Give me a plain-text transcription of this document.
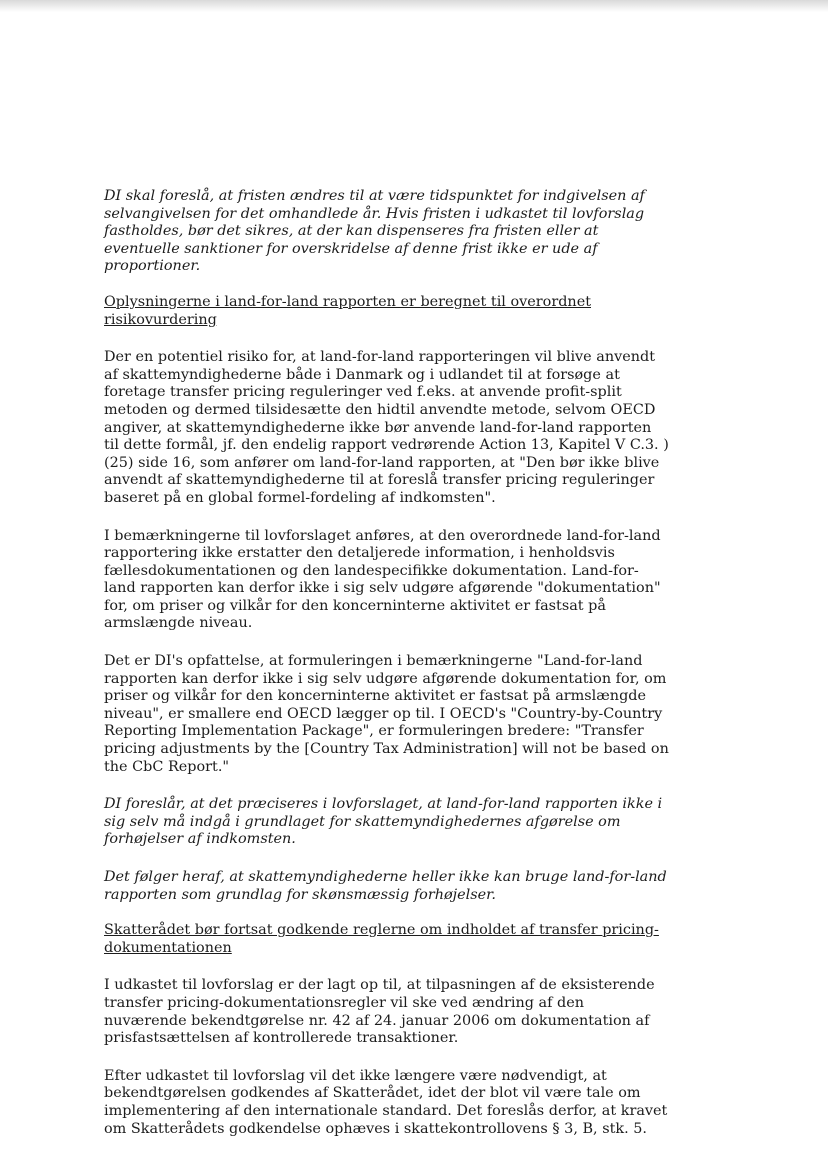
DI skal foreslå, at fristen ændres til at være tidspunktet for indgivelsen af selvangivelsen for det omhandlede år. Hvis fristen i udkastet til lovforslag fastholdes, bør det sikres, at der kan dispenseres fra fristen eller at eventuelle sanktioner for overskridelse af denne frist ikke er ude af proportioner.

Oplysningerne i land-for-land rapporten er beregnet til overordnet risikovurdering

Der en potentiel risiko for, at land-for-land rapporteringen vil blive anvendt af skattemyndighederne både i Danmark og i udlandet til at forsøge at foretage transfer pricing reguleringer ved f.eks. at anvende profit-split metoden og dermed tilsidesætte den hidtil anvendte metode, selvom OECD angiver, at skattemyndighederne ikke bør anvende land-for-land rapporten til dette formål, jf. den endelig rapport vedrørende Action 13, Kapitel V C.3. )(25) side 16, som anfører om land-for-land rapporten, at "Den bør ikke blive anvendt af skattemyndighederne til at foreslå transfer pricing reguleringer baseret på en global formel-fordeling af indkomsten".

I bemærkningerne til lovforslaget anføres, at den overordnede land-for-land rapportering ikke erstatter den detaljerede information, i henholdsvis fællesdokumentationen og den landespecifikke dokumentation. Land-for-land rapporten kan derfor ikke i sig selv udgøre afgørende "dokumentation" for, om priser og vilkår for den koncerninterne aktivitet er fastsat på armslængde niveau.

Det er DI's opfattelse, at formuleringen i bemærkningerne "Land-for-land rapporten kan derfor ikke i sig selv udgøre afgørende dokumentation for, om priser og vilkår for den koncerninterne aktivitet er fastsat på armslængde niveau", er smallere end OECD lægger op til. I OECD's "Country-by-Country Reporting Implementation Package", er formuleringen bredere: "Transfer pricing adjustments by the [Country Tax Administration] will not be based on the CbC Report."

DI foreslår, at det præciseres i lovforslaget, at land-for-land rapporten ikke i sig selv må indgå i grundlaget for skattemyndighedernes afgørelse om forhøjelser af indkomsten.

Det følger heraf, at skattemyndighederne heller ikke kan bruge land-for-land rapporten som grundlag for skønsmæssig forhøjelser.

Skatterådet bør fortsat godkende reglerne om indholdet af transfer pricing-dokumentationen

I udkastet til lovforslag er der lagt op til, at tilpasningen af de eksisterende transfer pricing-dokumentationsregler vil ske ved ændring af den nuværende bekendtgørelse nr. 42 af 24. januar 2006 om dokumentation af prisfastsættelsen af kontrollerede transaktioner.

Efter udkastet til lovforslag vil det ikke længere være nødvendigt, at bekendtgørelsen godkendes af Skatterådet, idet der blot vil være tale om implementering af den internationale standard. Det foreslås derfor, at kravet om Skatterådets godkendelse ophæves i skattekontrollovens § 3, B, stk. 5.
